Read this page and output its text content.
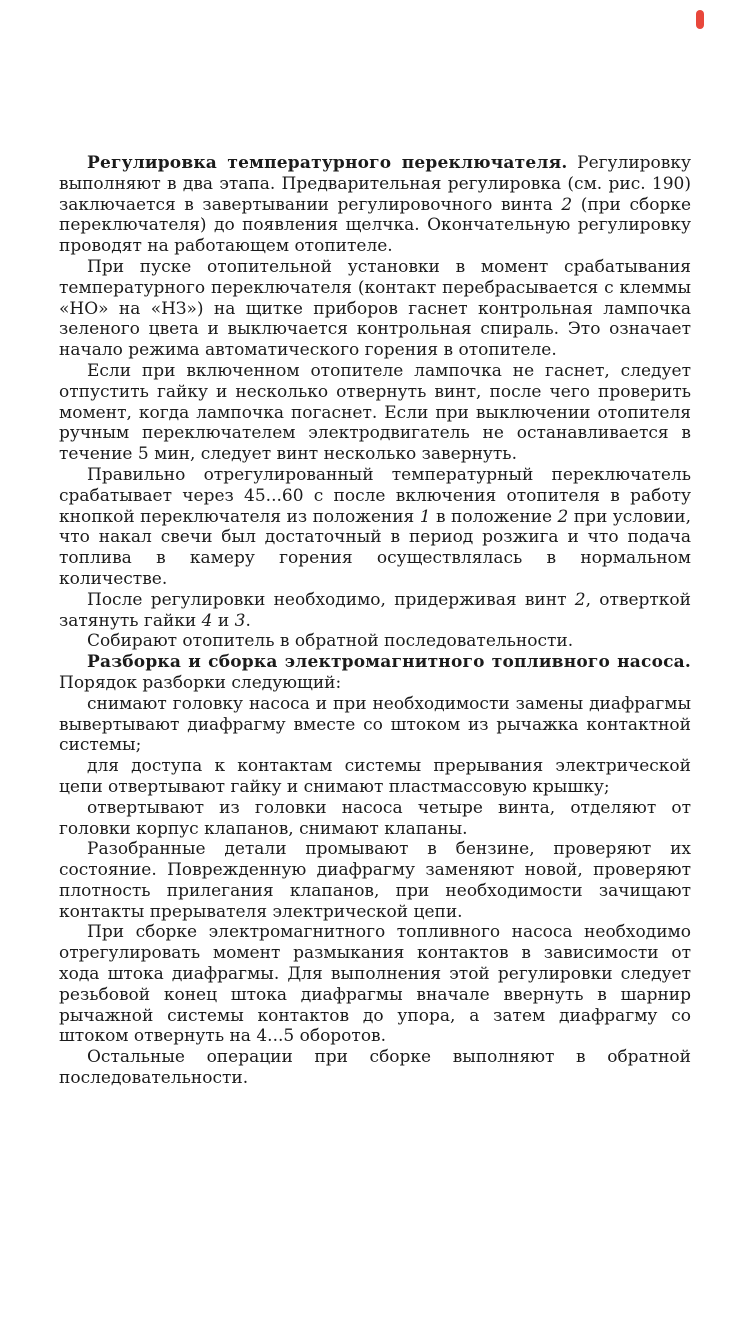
Регулировка температурного переключателя. Регулировку выполняют в два этапа. Предварительная регулировка (см. рис. 190) заключается в завертывании регулировочного винта 2 (при сборке переключателя) до появления щелчка. Окончательную регулировку проводят на работающем отопителе.

При пуске отопительной установки в момент срабатывания температурного переключателя (контакт перебрасывается с клеммы «НО» на «НЗ») на щитке приборов гаснет контрольная лампочка зеленого цвета и выключается контрольная спираль. Это означает начало режима автоматического горения в отопителе.

Если при включенном отопителе лампочка не гаснет, следует отпустить гайку и несколько отвернуть винт, после чего проверить момент, когда лампочка погаснет. Если при выключении отопителя ручным переключателем электродвигатель не останавливается в течение 5 мин, следует винт несколько завернуть.

Правильно отрегулированный температурный переключатель срабатывает через 45...60 с после включения отопителя в работу кнопкой переключателя из положения 1 в положение 2 при условии, что накал свечи был достаточный в период розжига и что подача топлива в камеру горения осуществлялась в нормальном количестве.

После регулировки необходимо, придерживая винт 2, отверткой затянуть гайки 4 и 3.

Собирают отопитель в обратной последовательности.

Разборка и сборка электромагнитного топливного насоса. Порядок разборки следующий:

снимают головку насоса и при необходимости замены диафрагмы вывертывают диафрагму вместе со штоком из рычажка контактной системы;

для доступа к контактам системы прерывания электрической цепи отвертывают гайку и снимают пластмассовую крышку;

отвертывают из головки насоса четыре винта, отделяют от головки корпус клапанов, снимают клапаны.

Разобранные детали промывают в бензине, проверяют их состояние. Поврежденную диафрагму заменяют новой, проверяют плотность прилегания клапанов, при необходимости зачищают контакты прерывателя электрической цепи.

При сборке электромагнитного топливного насоса необходимо отрегулировать момент размыкания контактов в зависимости от хода штока диафрагмы. Для выполнения этой регулировки следует резьбовой конец штока диафрагмы вначале ввернуть в шарнир рычажной системы контактов до упора, а затем диафрагму со штоком отвернуть на 4...5 оборотов.

Остальные операции при сборке выполняют в обратной последовательности.
